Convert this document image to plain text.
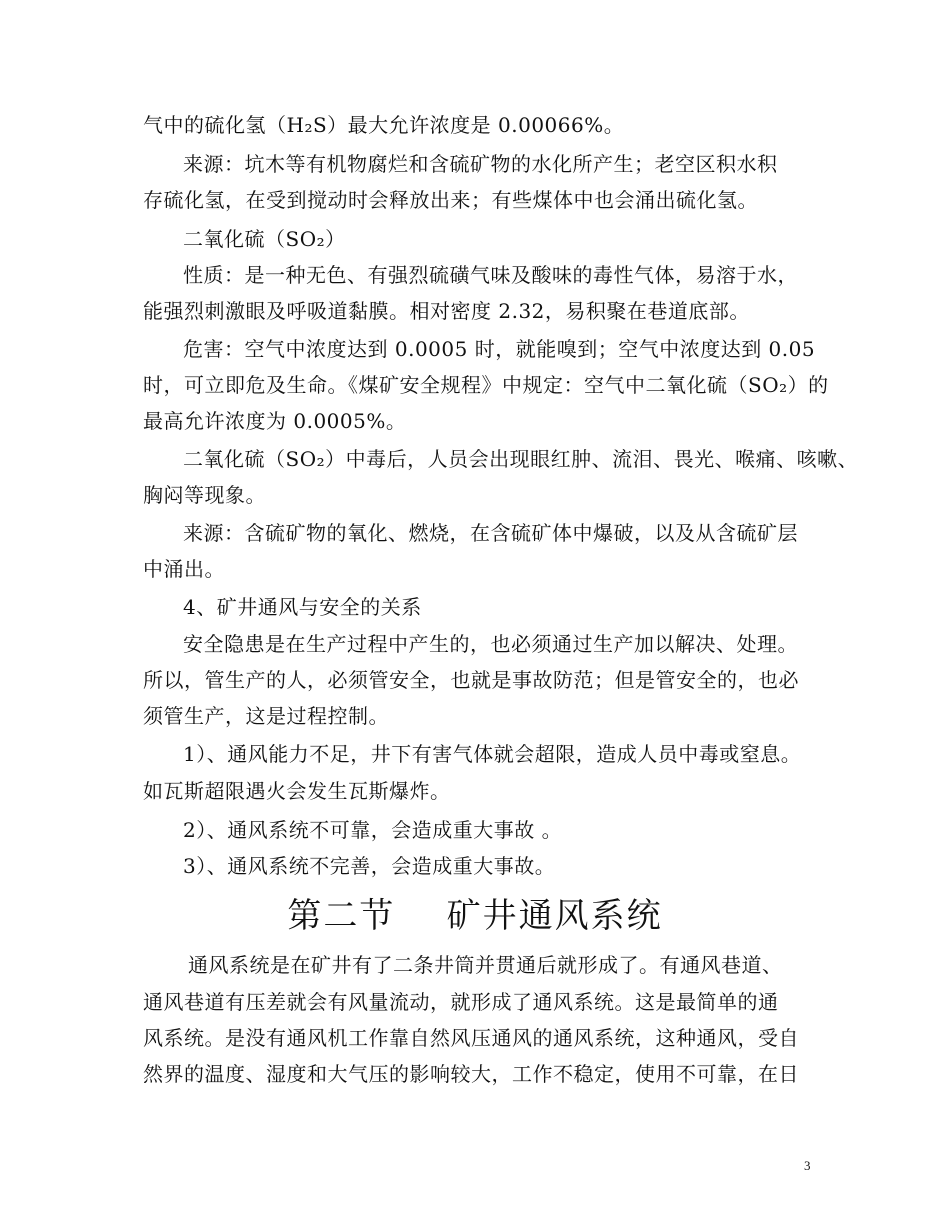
气中的硫化氢（H₂S）最大允许浓度是 0.00066%。
来源：坑木等有机物腐烂和含硫矿物的水化所产生；老空区积水积
存硫化氢，在受到搅动时会释放出来；有些煤体中也会涌出硫化氢。
二氧化硫（SO₂）
性质：是一种无色、有强烈硫磺气味及酸味的毒性气体，易溶于水，
能强烈刺激眼及呼吸道黏膜。相对密度 2.32，易积聚在巷道底部。
危害：空气中浓度达到 0.0005 时，就能嗅到；空气中浓度达到 0.05
时，可立即危及生命。《煤矿安全规程》中规定：空气中二氧化硫（SO₂）的
最高允许浓度为 0.0005%。
二氧化硫（SO₂）中毒后，人员会出现眼红肿、流泪、畏光、喉痛、咳嗽、
胸闷等现象。
来源：含硫矿物的氧化、燃烧，在含硫矿体中爆破，以及从含硫矿层
中涌出。
4、矿井通风与安全的关系
安全隐患是在生产过程中产生的，也必须通过生产加以解决、处理。
所以，管生产的人，必须管安全，也就是事故防范；但是管安全的，也必
须管生产，这是过程控制。
1）、通风能力不足，井下有害气体就会超限，造成人员中毒或窒息。
如瓦斯超限遇火会发生瓦斯爆炸。
2）、通风系统不可靠，会造成重大事故 。
3）、通风系统不完善，会造成重大事故。
第二节    矿井通风系统
通风系统是在矿井有了二条井筒并贯通后就形成了。有通风巷道、
通风巷道有压差就会有风量流动，就形成了通风系统。这是最简单的通
风系统。是没有通风机工作靠自然风压通风的通风系统，这种通风，受自
然界的温度、湿度和大气压的影响较大，工作不稳定，使用不可靠，在日
3
